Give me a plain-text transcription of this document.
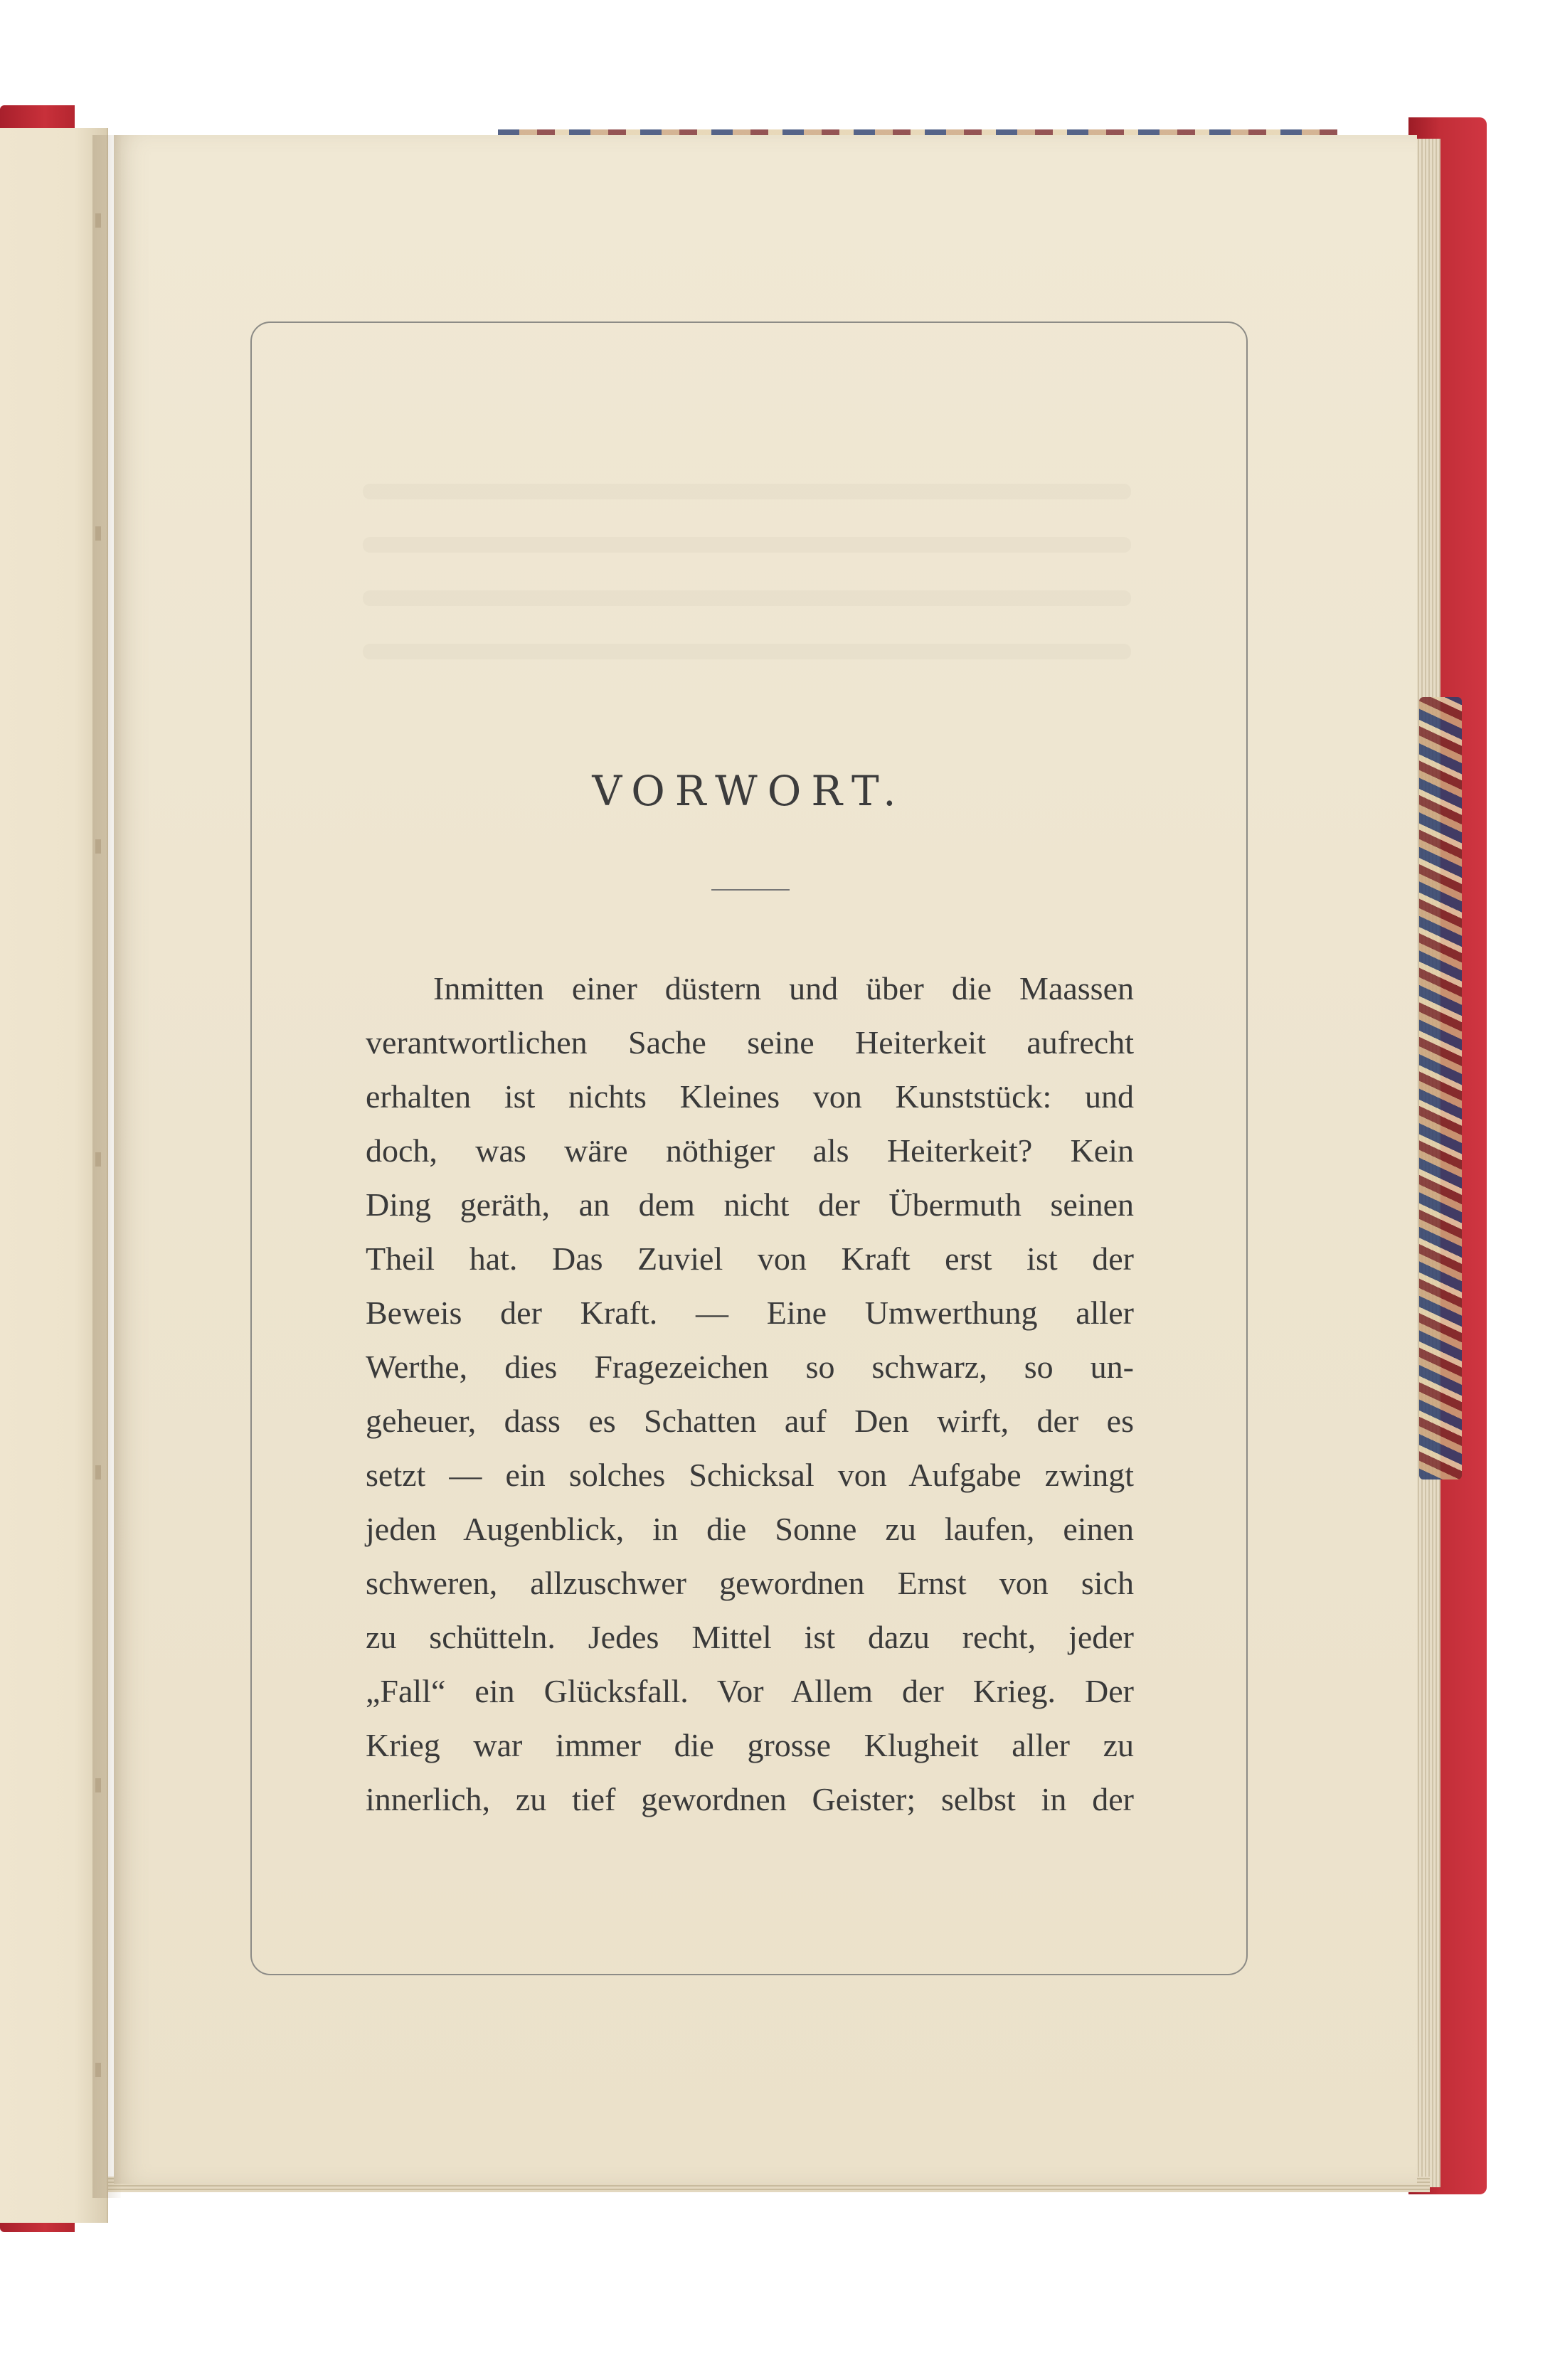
VORWORT.
Inmitten einer düstern und über die Maassen
verantwortlichen Sache seine Heiterkeit aufrecht
erhalten ist nichts Kleines von Kunststück: und
doch, was wäre nöthiger als Heiterkeit? Kein
Ding geräth, an dem nicht der Übermuth seinen
Theil hat. Das Zuviel von Kraft erst ist der
Beweis der Kraft. — Eine Umwerthung aller
Werthe, dies Fragezeichen so schwarz, so un-
geheuer, dass es Schatten auf Den wirft, der es
setzt — ein solches Schicksal von Aufgabe zwingt
jeden Augenblick, in die Sonne zu laufen, einen
schweren, allzuschwer gewordnen Ernst von sich
zu schütteln. Jedes Mittel ist dazu recht, jeder
„Fall“ ein Glücksfall. Vor Allem der Krieg. Der
Krieg war immer die grosse Klugheit aller zu
innerlich, zu tief gewordnen Geister; selbst in der
